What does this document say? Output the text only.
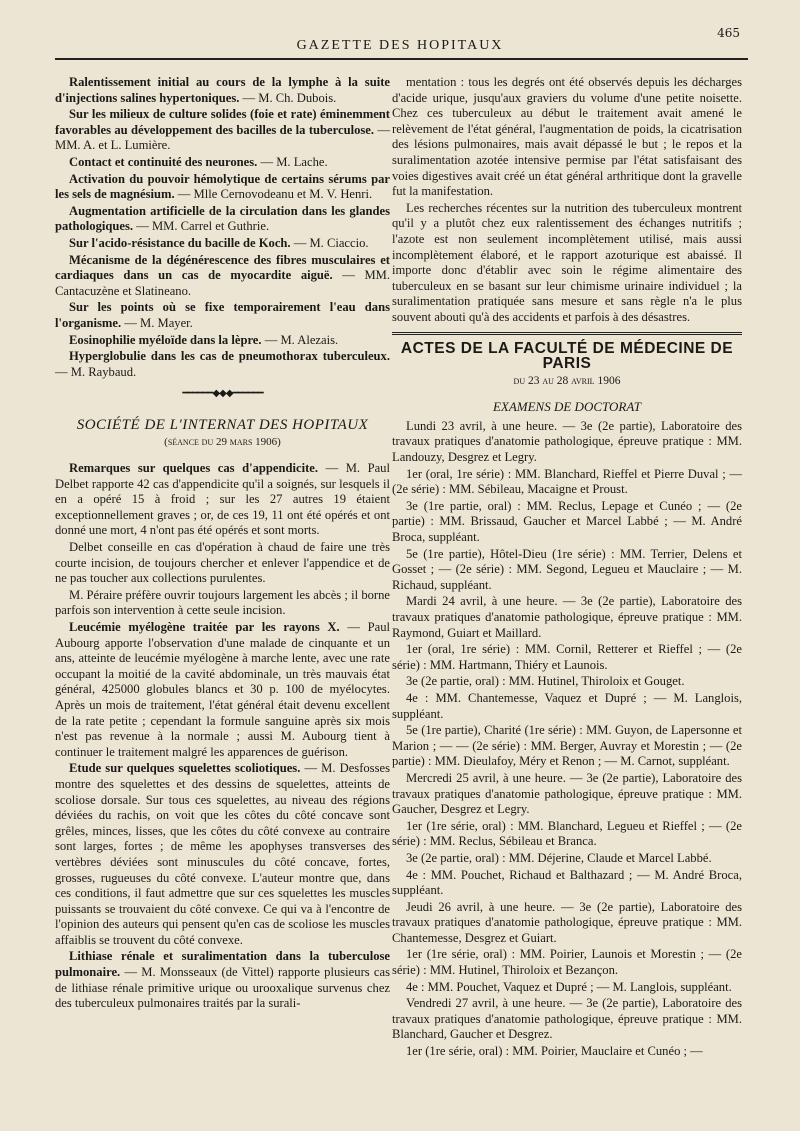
GAZETTE DES HOPITAUX
465

Ralentissement initial au cours de la lymphe à la suite d'injections salines hypertoniques. — M. Ch. Dubois.

Sur les milieux de culture solides (foie et rate) éminemment favorables au développement des bacilles de la tuberculose. — MM. A. et L. Lumière.

Contact et continuité des neurones. — M. Lache.

Activation du pouvoir hémolytique de certains sérums par les sels de magnésium. — Mlle Cernovodeanu et M. V. Henri.

Augmentation artificielle de la circulation dans les glandes pathologiques. — MM. Carrel et Guthrie.

Sur l'acido-résistance du bacille de Koch. — M. Ciaccio.

Mécanisme de la dégénérescence des fibres musculaires et cardiaques dans un cas de myocardite aiguë. — MM. Cantacuzène et Slatineano.

Sur les points où se fixe temporairement l'eau dans l'organisme. — M. Mayer.

Eosinophilie myéloïde dans la lèpre. — M. Alezais.

Hyperglobulie dans les cas de pneumothorax tuberculeux. — M. Raybaud.

━━━━━━◆◆◆━━━━━━
SOCIÉTÉ DE L'INTERNAT DES HOPITAUX
(séance du 29 mars 1906)

Remarques sur quelques cas d'appendicite. — M. Paul Delbet rapporte 42 cas d'appendicite qu'il a soignés, sur lesquels il en a opéré 15 à froid ; sur les 27 autres 19 étaient exceptionnellement graves ; or, de ces 19, 11 ont été opérés et ont donné une mort, 4 n'ont pas été opérés et sont morts.

Delbet conseille en cas d'opération à chaud de faire une très courte incision, de toujours chercher et enlever l'appendice et de ne pas toucher aux collections purulentes.

M. Péraire préfère ouvrir toujours largement les abcès ; il borne parfois son intervention à cette seule incision.

Leucémie myélogène traitée par les rayons X. — Paul Aubourg apporte l'observation d'une malade de cinquante et un ans, atteinte de leucémie myélogène à marche lente, avec une rate occupant la moitié de la cavité abdominale, un très mauvais état général, 425000 globules blancs et 30 p. 100 de myélocytes. Après un mois de traitement, l'état général était devenu excellent de la rate petite ; cependant la formule sanguine après six mois n'est pas revenue à la normale ; aussi M. Aubourg tient à continuer le traitement malgré les apparences de guérison.

Etude sur quelques squelettes scoliotiques. — M. Desfosses montre des squelettes et des dessins de squelettes, atteints de scoliose dorsale. Sur tous ces squelettes, au niveau des régions déviées du rachis, on voit que les côtes du côté concave sont grêles, minces, lisses, que les côtes du côté convexe au contraire sont larges, fortes ; de même les apophyses transverses des vertèbres déviées sont minuscules du côté concave, fortes, grosses, rugueuses du côté convexe. L'auteur montre que, dans ces conditions, il faut admettre que sur ces squelettes les muscles puissants se trouvaient du côté convexe. Ce qui va à l'encontre de l'opinion des auteurs qui pensent qu'en cas de scoliose les muscles affaiblis se trouvent du côté convexe.

Lithiase rénale et suralimentation dans la tuberculose pulmonaire. — M. Monsseaux (de Vittel) rapporte plusieurs cas de lithiase rénale primitive urique ou urooxalique survenus chez des tuberculeux pulmonaires traités par la surali-

mentation : tous les degrés ont été observés depuis les décharges d'acide urique, jusqu'aux graviers du volume d'une petite noisette. Chez ces tuberculeux au début le traitement avait amené le relèvement de l'état général, l'augmentation de poids, la cicatrisation des lésions pulmonaires, mais avait dépassé le but ; le repos et la suralimentation azotée intensive permise par l'état satisfaisant des voies digestives avait créé un état général arthritique dont la gravelle fut la manifestation.

Les recherches récentes sur la nutrition des tuberculeux montrent qu'il y a plutôt chez eux ralentissement des échanges nutritifs ; l'azote est non seulement incomplètement utilisé, mais aussi incomplètement élaboré, et le rapport azoturique est abaissé. Il importe donc d'établir avec soin le régime alimentaire des tuberculeux en se basant sur leur chimisme urinaire individuel ; la suralimentation pratiquée sans mesure et sans règle n'a le plus souvent abouti qu'à des accidents et parfois à des désastres.

ACTES DE LA FACULTÉ DE MÉDECINE DE PARIS
du 23 au 28 avril 1906
EXAMENS DE DOCTORAT

Lundi 23 avril, à une heure. — 3e (2e partie), Laboratoire des travaux pratiques d'anatomie pathologique, épreuve pratique : MM. Landouzy, Desgrez et Legry.

1er (oral, 1re série) : MM. Blanchard, Rieffel et Pierre Duval ; — (2e série) : MM. Sébileau, Macaigne et Proust.

3e (1re partie, oral) : MM. Reclus, Lepage et Cunéo ; — (2e partie) : MM. Brissaud, Gaucher et Marcel Labbé ; — M. André Broca, suppléant.

5e (1re partie), Hôtel-Dieu (1re série) : MM. Terrier, Delens et Gosset ; — (2e série) : MM. Segond, Legueu et Mauclaire ; — M. Richaud, suppléant.

Mardi 24 avril, à une heure. — 3e (2e partie), Laboratoire des travaux pratiques d'anatomie pathologique, épreuve pratique : MM. Raymond, Guiart et Maillard.

1er (oral, 1re série) : MM. Cornil, Retterer et Rieffel ; — (2e série) : MM. Hartmann, Thiéry et Launois.

3e (2e partie, oral) : MM. Hutinel, Thiroloix et Gouget.

4e : MM. Chantemesse, Vaquez et Dupré ; — M. Langlois, suppléant.

5e (1re partie), Charité (1re série) : MM. Guyon, de Lapersonne et Marion ; — — (2e série) : MM. Berger, Auvray et Morestin ; — (2e partie) : MM. Dieulafoy, Méry et Renon ; — M. Carnot, suppléant.

Mercredi 25 avril, à une heure. — 3e (2e partie), Laboratoire des travaux pratiques d'anatomie pathologique, épreuve pratique : MM. Gaucher, Desgrez et Legry.

1er (1re série, oral) : MM. Blanchard, Legueu et Rieffel ; — (2e série) : MM. Reclus, Sébileau et Branca.

3e (2e partie, oral) : MM. Déjerine, Claude et Marcel Labbé.

4e : MM. Pouchet, Richaud et Balthazard ; — M. André Broca, suppléant.

Jeudi 26 avril, à une heure. — 3e (2e partie), Laboratoire des travaux pratiques d'anatomie pathologique, épreuve pratique : MM. Chantemesse, Desgrez et Guiart.

1er (1re série, oral) : MM. Poirier, Launois et Morestin ; — (2e série) : MM. Hutinel, Thiroloix et Bezançon.

4e : MM. Pouchet, Vaquez et Dupré ; — M. Langlois, suppléant.

Vendredi 27 avril, à une heure. — 3e (2e partie), Laboratoire des travaux pratiques d'anatomie pathologique, épreuve pratique : MM. Blanchard, Gaucher et Desgrez.

1er (1re série, oral) : MM. Poirier, Mauclaire et Cunéo ; —
